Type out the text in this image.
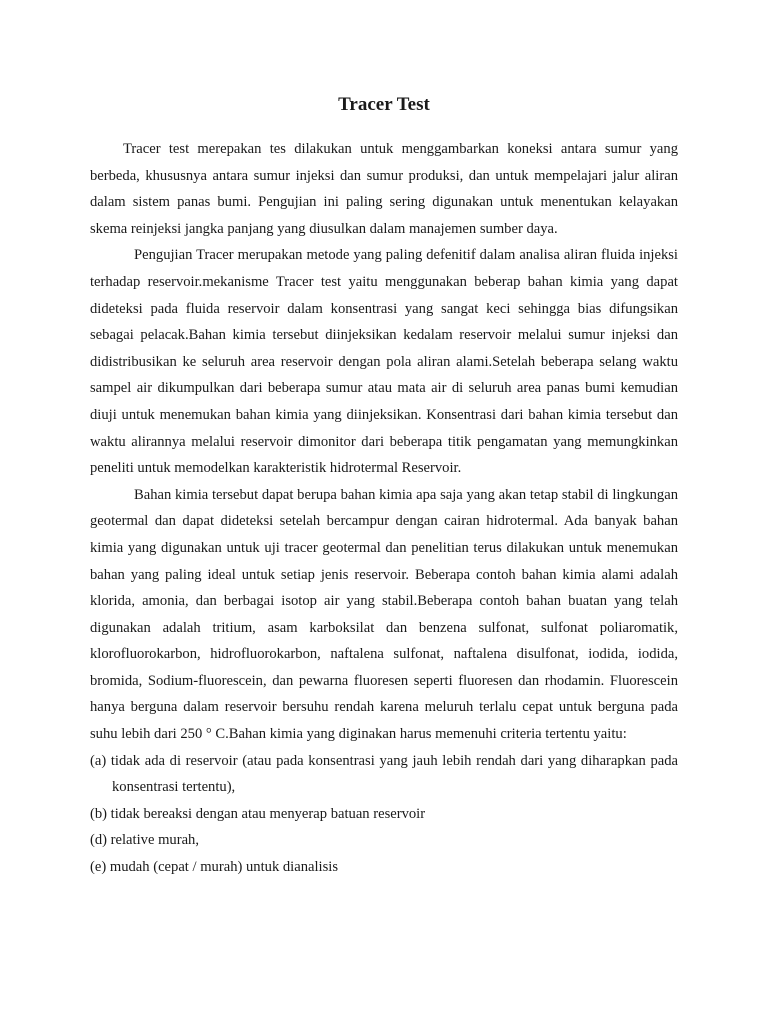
Tracer Test

Tracer test merepakan tes dilakukan untuk menggambarkan koneksi antara sumur yang berbeda, khususnya antara sumur injeksi dan sumur produksi, dan untuk mempelajari jalur aliran dalam sistem panas bumi. Pengujian ini paling sering digunakan untuk menentukan kelayakan skema reinjeksi jangka panjang yang diusulkan dalam manajemen sumber daya.

Pengujian Tracer merupakan metode yang paling defenitif dalam analisa aliran fluida injeksi terhadap reservoir.mekanisme Tracer test yaitu menggunakan beberap bahan kimia yang dapat dideteksi pada fluida reservoir dalam konsentrasi yang sangat keci sehingga bias difungsikan sebagai pelacak.Bahan kimia tersebut diinjeksikan kedalam reservoir melalui sumur injeksi dan didistribusikan ke seluruh area reservoir dengan pola aliran alami.Setelah beberapa selang waktu sampel air dikumpulkan dari beberapa sumur atau mata air di seluruh area panas bumi kemudian diuji untuk menemukan bahan kimia yang diinjeksikan. Konsentrasi dari bahan kimia tersebut dan waktu alirannya melalui reservoir dimonitor dari beberapa titik pengamatan yang memungkinkan peneliti untuk memodelkan karakteristik hidrotermal Reservoir.

Bahan kimia tersebut dapat berupa bahan kimia apa saja yang akan tetap stabil di lingkungan geotermal dan dapat dideteksi setelah bercampur dengan cairan hidrotermal. Ada banyak bahan kimia yang digunakan untuk uji tracer geotermal dan penelitian terus dilakukan untuk menemukan bahan yang paling ideal untuk setiap jenis reservoir. Beberapa contoh bahan kimia alami adalah klorida, amonia, dan berbagai isotop air yang stabil.Beberapa contoh bahan buatan yang telah digunakan adalah tritium, asam karboksilat dan benzena sulfonat, sulfonat poliaromatik, klorofluorokarbon, hidrofluorokarbon, naftalena sulfonat, naftalena disulfonat, iodida, iodida, bromida, Sodium-fluorescein, dan pewarna fluoresen seperti fluoresen dan rhodamin. Fluorescein hanya berguna dalam reservoir bersuhu rendah karena meluruh terlalu cepat untuk berguna pada suhu lebih dari 250 ° C.Bahan kimia yang diginakan harus memenuhi criteria tertentu yaitu:

(a) tidak ada di reservoir (atau pada konsentrasi yang jauh lebih rendah dari yang diharapkan pada konsentrasi tertentu),
(b) tidak bereaksi dengan atau menyerap batuan reservoir
(d) relative murah,
(e) mudah (cepat / murah) untuk dianalisis
